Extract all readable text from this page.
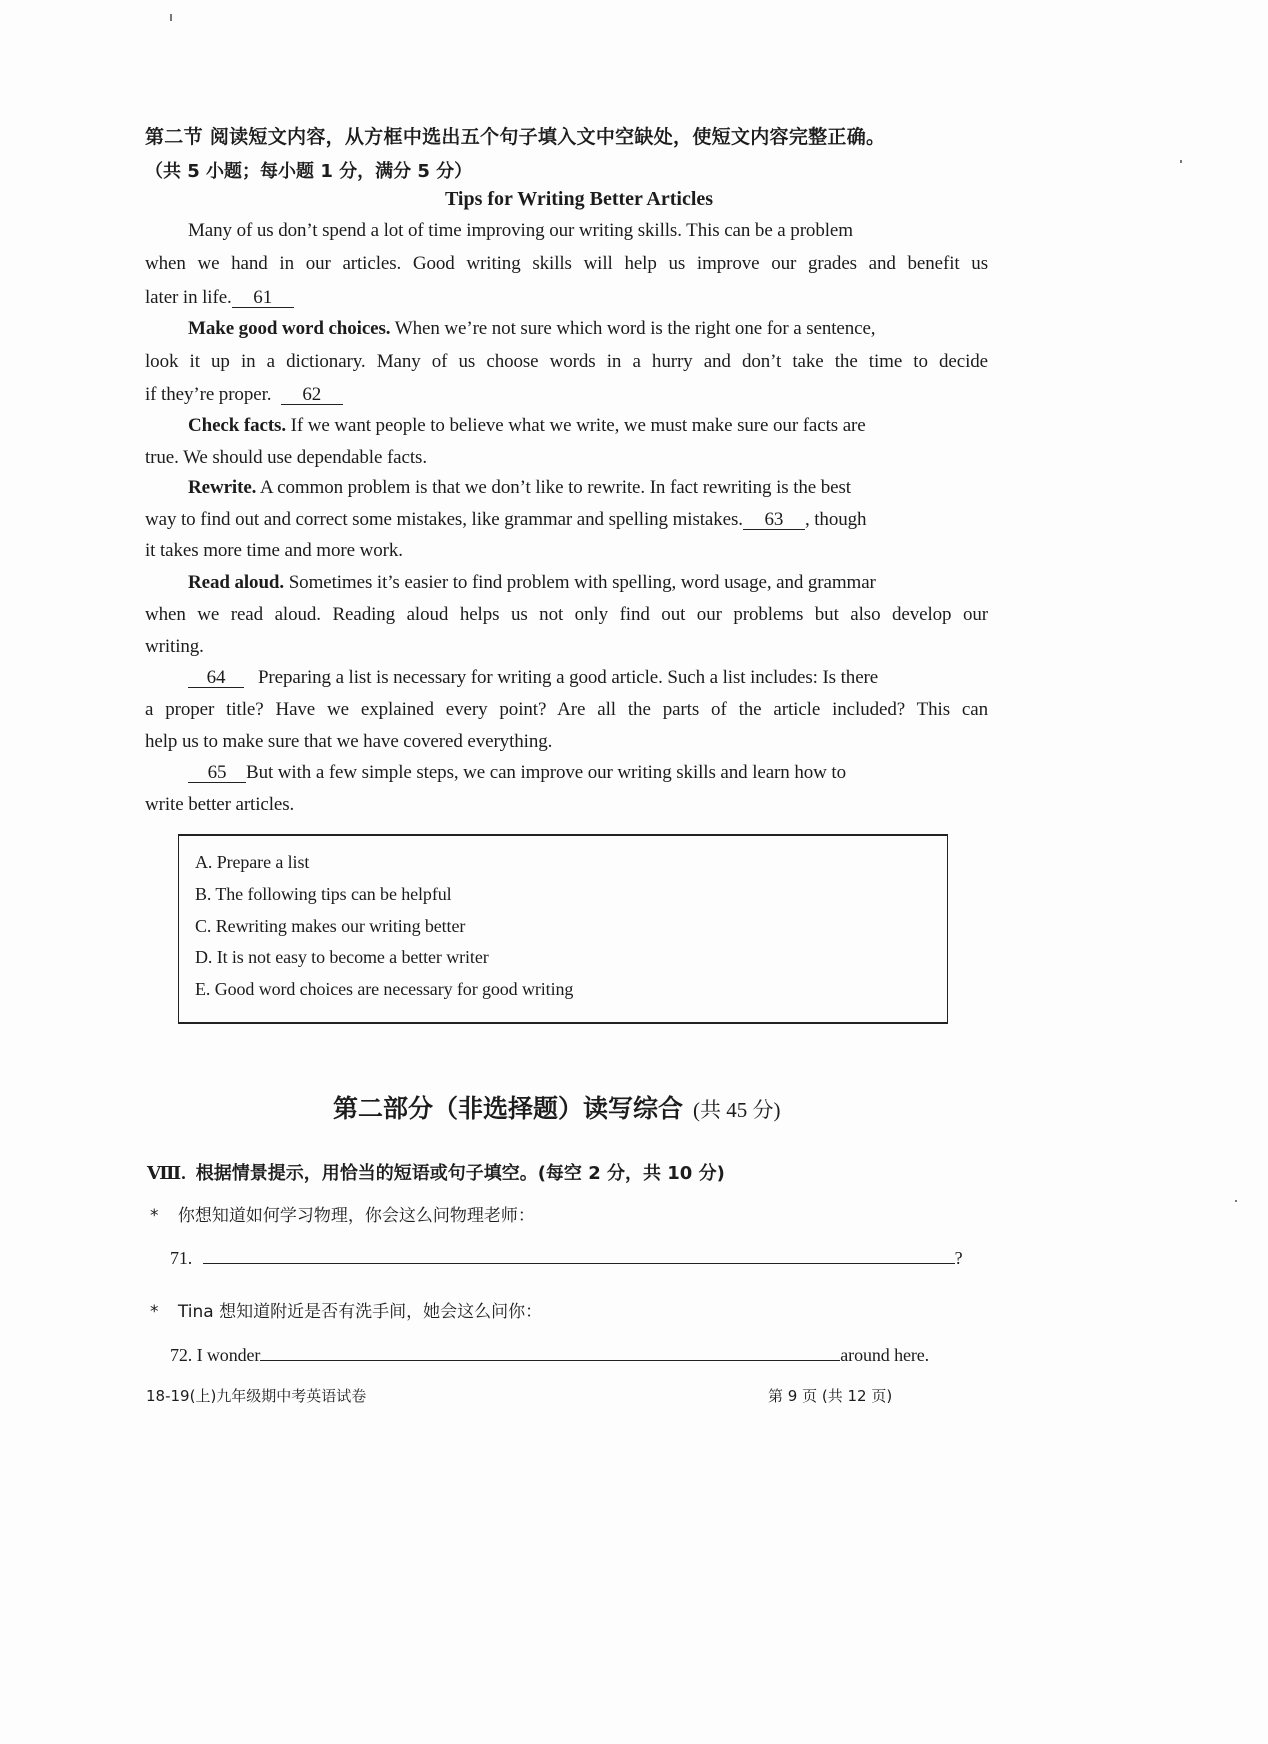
第二节 阅读短文内容，从方框中选出五个句子填入文中空缺处，使短文内容完整正确。
（共 5 小题；每小题 1 分，满分 5 分）
Tips for Writing Better Articles
Many of us don’t spend a lot of time improving our writing skills. This can be a problem
when we hand in our articles. Good writing skills will help us improve our grades and benefit us
later in life. 61
Make good word choices. When we’re not sure which word is the right one for a sentence,
look it up in a dictionary. Many of us choose words in a hurry and don’t take the time to decide
if they’re proper. 62
Check facts. If we want people to believe what we write, we must make sure our facts are
true. We should use dependable facts.
Rewrite. A common problem is that we don’t like to rewrite. In fact rewriting is the best
way to find out and correct some mistakes, like grammar and spelling mistakes. 63 , though
it takes more time and more work.
Read aloud. Sometimes it’s easier to find problem with spelling, word usage, and grammar
when we read aloud. Reading aloud helps us not only find out our problems but also develop our
writing.
64 Preparing a list is necessary for writing a good article. Such a list includes: Is there
a proper title? Have we explained every point? Are all the parts of the article included? This can
help us to make sure that we have covered everything.
65 But with a few simple steps, we can improve our writing skills and learn how to
write better articles.
A. Prepare a list
B. The following tips can be helpful
C. Rewriting makes our writing better
D. It is not easy to become a better writer
E. Good word choices are necessary for good writing
第二部分（非选择题）读写综合 (共 45 分)
Ⅷ. 根据情景提示，用恰当的短语或句子填空。(每空 2 分，共 10 分)
* 你想知道如何学习物理，你会这么问物理老师：
71.	?
* Tina 想知道附近是否有洗手间，她会这么问你：
72. I wonder	around here.
18-19(上)九年级期中考英语试卷	第 9 页 (共 12 页)
